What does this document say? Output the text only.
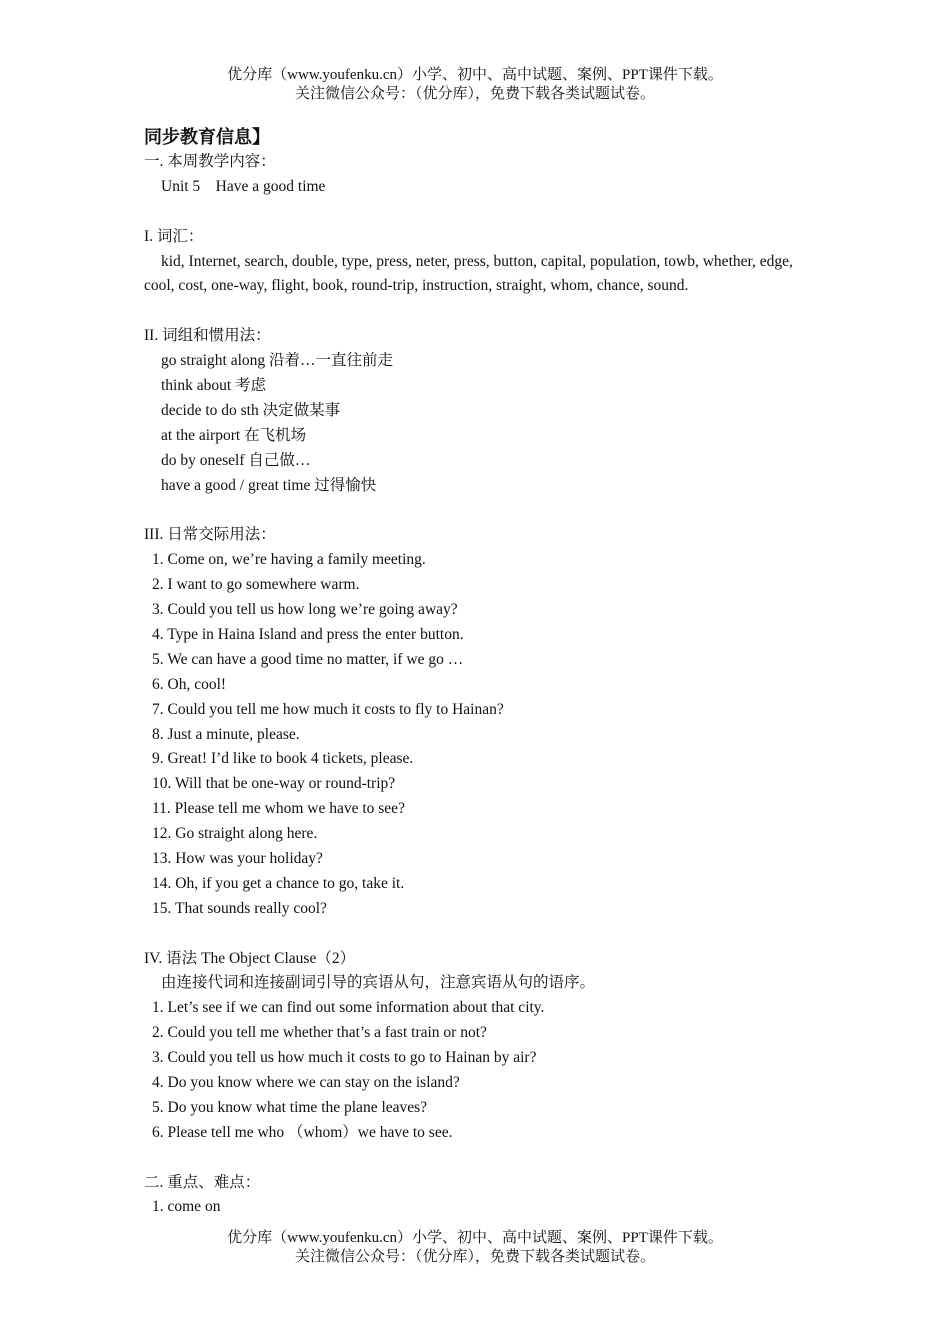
优分库（www.youfenku.cn）小学、初中、高中试题、案例、PPT课件下载。
关注微信公众号：（优分库），免费下载各类试题试卷。
同步教育信息】
一. 本周教学内容：
Unit 5    Have a good time
I. 词汇：

kid, Internet, search, double, type, press, neter, press, button, capital, population, towb, whether, edge, cool, cost, one-way, flight, book, round-trip, instruction, straight, whom, chance, sound.

II. 词组和惯用法：
go straight along 沿着…一直往前走
think about 考虑
decide to do sth 决定做某事
at the airport 在飞机场
do by oneself 自己做…
have a good / great time 过得愉快
III. 日常交际用法：
1. Come on, we’re having a family meeting.
2. I want to go somewhere warm.
3. Could you tell us how long we’re going away?
4. Type in Haina Island and press the enter button.
5. We can have a good time no matter, if we go …
6. Oh, cool!
7. Could you tell me how much it costs to fly to Hainan?
8. Just a minute, please.
9. Great! I’d like to book 4 tickets, please.
10. Will that be one-way or round-trip?
11. Please tell me whom we have to see?
12. Go straight along here.
13. How was your holiday?
14. Oh, if you get a chance to go, take it.
15. That sounds really cool?
IV. 语法 The Object Clause（2）
由连接代词和连接副词引导的宾语从句，注意宾语从句的语序。
1. Let’s see if we can find out some information about that city.
2. Could you tell me whether that’s a fast train or not?
3. Could you tell us how much it costs to go to Hainan by air?
4. Do you know where we can stay on the island?
5. Do you know what time the plane leaves?
6. Please tell me who （whom）we have to see.
二. 重点、难点：
1. come on
优分库（www.youfenku.cn）小学、初中、高中试题、案例、PPT课件下载。
关注微信公众号：（优分库），免费下载各类试题试卷。
